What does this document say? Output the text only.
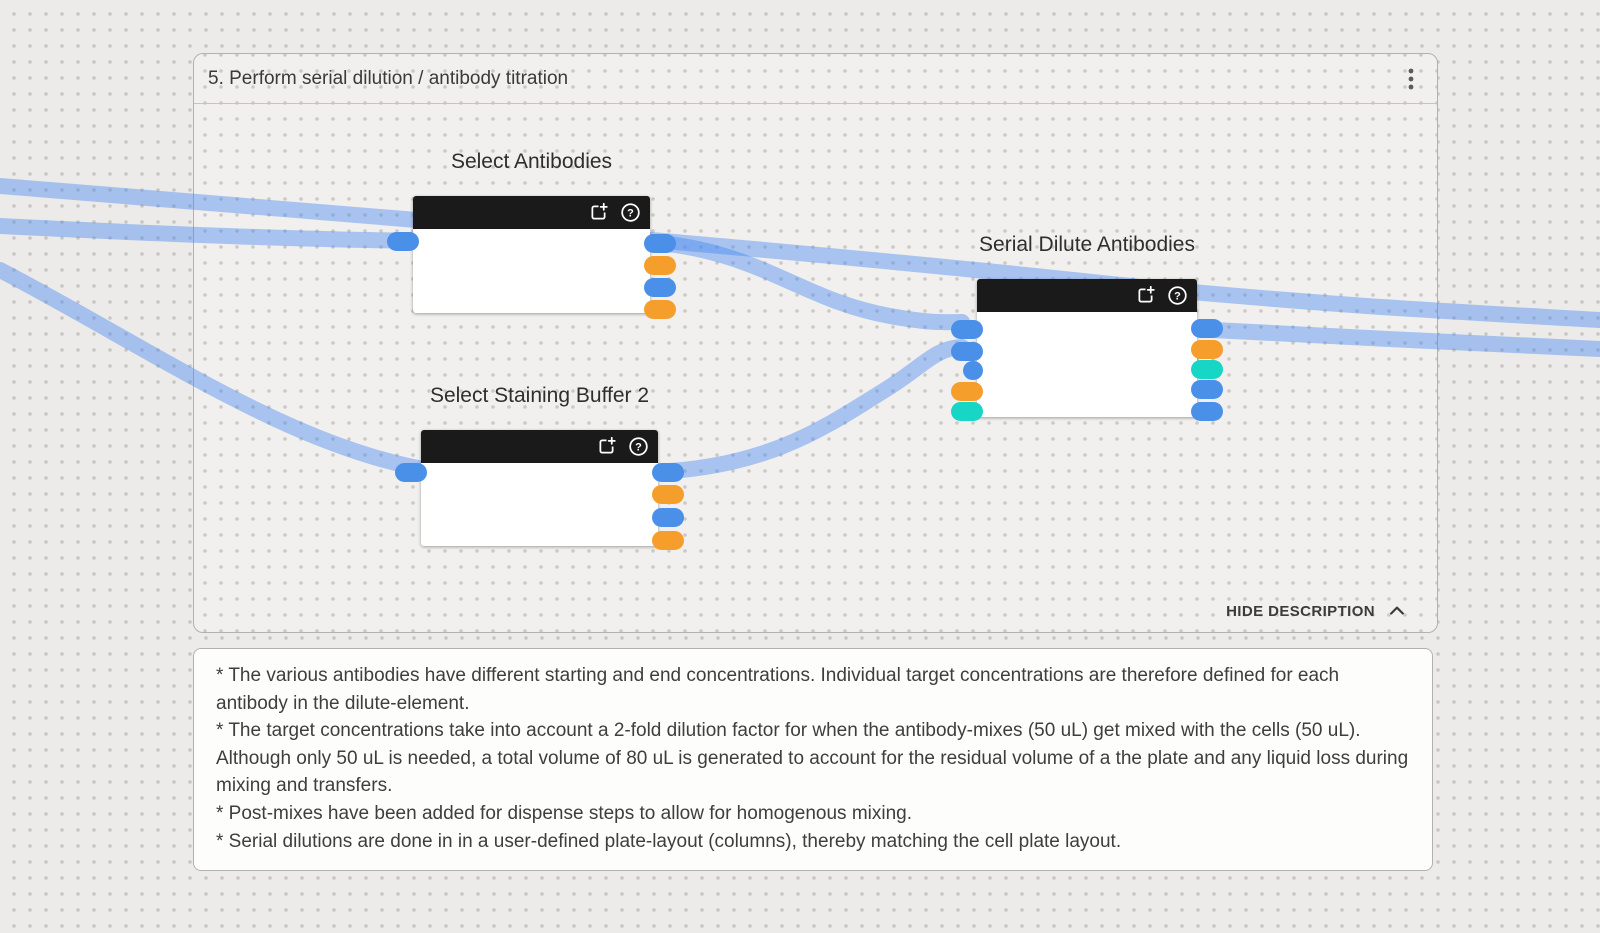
5. Perform serial dilution / antibody titration
HIDE DESCRIPTION
Select Antibodies
?
Select Staining Buffer 2
?
Serial Dilute Antibodies
?

* The various antibodies have different starting and end concentrations. Individual target concentrations are therefore defined for each antibody in the dilute-element.

* The target concentrations take into account a 2-fold dilution factor for when the antibody-mixes (50 uL) get mixed with the cells (50 uL). Although only 50 uL is needed, a total volume of 80 uL is generated to account for the residual volume of a the plate and any liquid loss during mixing and transfers.

* Post-mixes have been added for dispense steps to allow for homogenous mixing.

* Serial dilutions are done in in a user-defined plate-layout (columns), thereby matching the cell plate layout.
